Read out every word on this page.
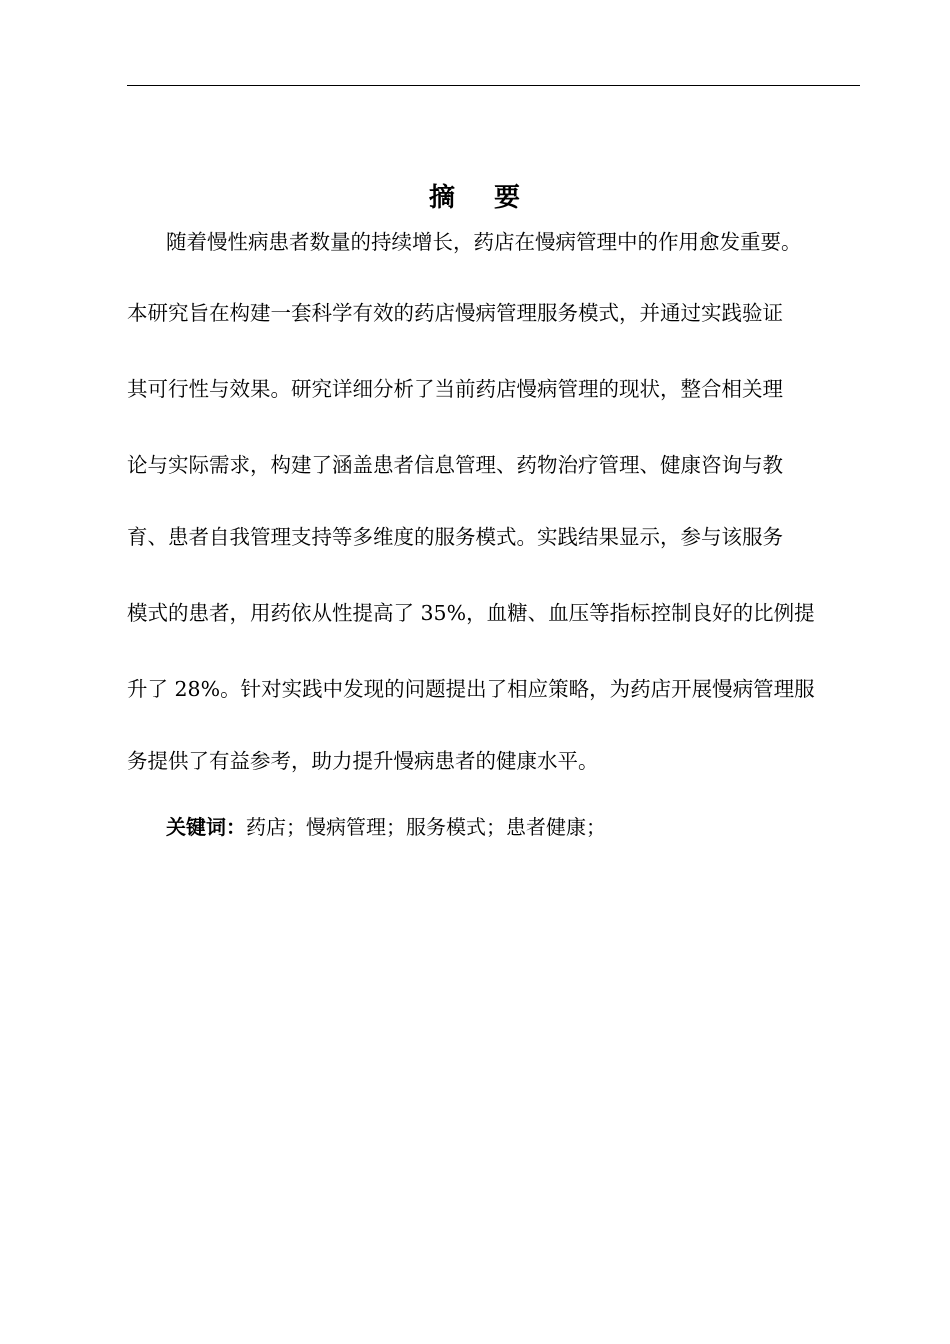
摘 要
随着慢性病患者数量的持续增长，药店在慢病管理中的作用愈发重要。
本研究旨在构建一套科学有效的药店慢病管理服务模式，并通过实践验证
其可行性与效果。研究详细分析了当前药店慢病管理的现状，整合相关理
论与实际需求，构建了涵盖患者信息管理、药物治疗管理、健康咨询与教
育、患者自我管理支持等多维度的服务模式。实践结果显示，参与该服务
模式的患者，用药依从性提高了 35%，血糖、血压等指标控制良好的比例提
升了 28%。针对实践中发现的问题提出了相应策略，为药店开展慢病管理服
务提供了有益参考，助力提升慢病患者的健康水平。
关键词：药店；慢病管理；服务模式；患者健康；
